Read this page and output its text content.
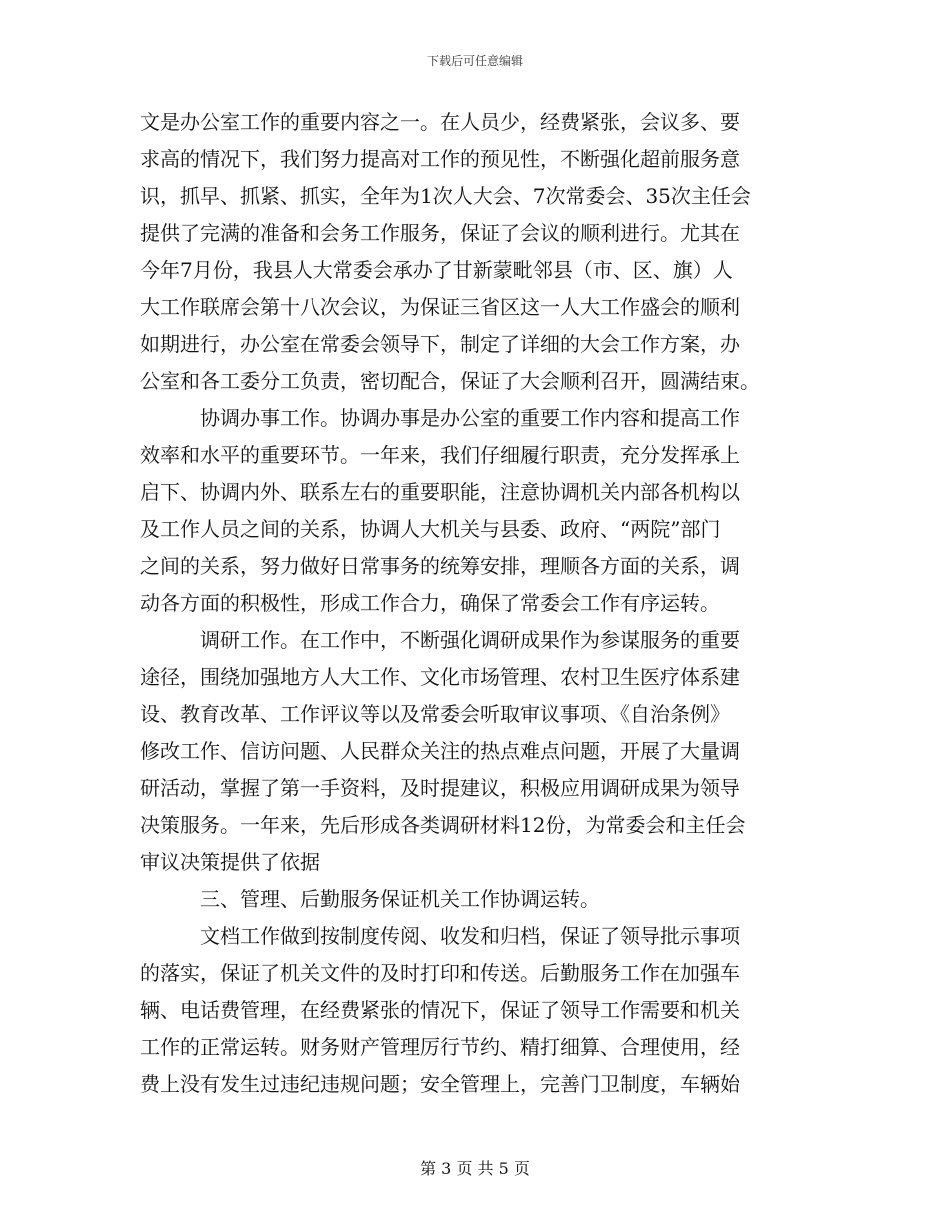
下载后可任意编辑
文是办公室工作的重要内容之一。在人员少，经费紧张，会议多、要
求高的情况下，我们努力提高对工作的预见性，不断强化超前服务意
识，抓早、抓紧、抓实，全年为1次人大会、7次常委会、35次主任会
提供了完满的准备和会务工作服务，保证了会议的顺利进行。尤其在
今年7月份，我县人大常委会承办了甘新蒙毗邻县（市、区、旗）人
大工作联席会第十八次会议，为保证三省区这一人大工作盛会的顺利
如期进行，办公室在常委会领导下，制定了详细的大会工作方案，办
公室和各工委分工负责，密切配合，保证了大会顺利召开，圆满结束。
　　　协调办事工作。协调办事是办公室的重要工作内容和提高工作
效率和水平的重要环节。一年来，我们仔细履行职责，充分发挥承上
启下、协调内外、联系左右的重要职能，注意协调机关内部各机构以
及工作人员之间的关系，协调人大机关与县委、政府、“两院”部门
之间的关系，努力做好日常事务的统筹安排，理顺各方面的关系，调
动各方面的积极性，形成工作合力，确保了常委会工作有序运转。
　　　调研工作。在工作中，不断强化调研成果作为参谋服务的重要
途径，围绕加强地方人大工作、文化市场管理、农村卫生医疗体系建
设、教育改革、工作评议等以及常委会听取审议事项、《自治条例》
修改工作、信访问题、人民群众关注的热点难点问题，开展了大量调
研活动，掌握了第一手资料，及时提建议，积极应用调研成果为领导
决策服务。一年来，先后形成各类调研材料12份，为常委会和主任会
审议决策提供了依据
　　　三、管理、后勤服务保证机关工作协调运转。
　　　文档工作做到按制度传阅、收发和归档，保证了领导批示事项
的落实，保证了机关文件的及时打印和传送。后勤服务工作在加强车
辆、电话费管理，在经费紧张的情况下，保证了领导工作需要和机关
工作的正常运转。财务财产管理厉行节约、精打细算、合理使用，经
费上没有发生过违纪违规问题；安全管理上，完善门卫制度，车辆始
第 3 页 共 5 页
